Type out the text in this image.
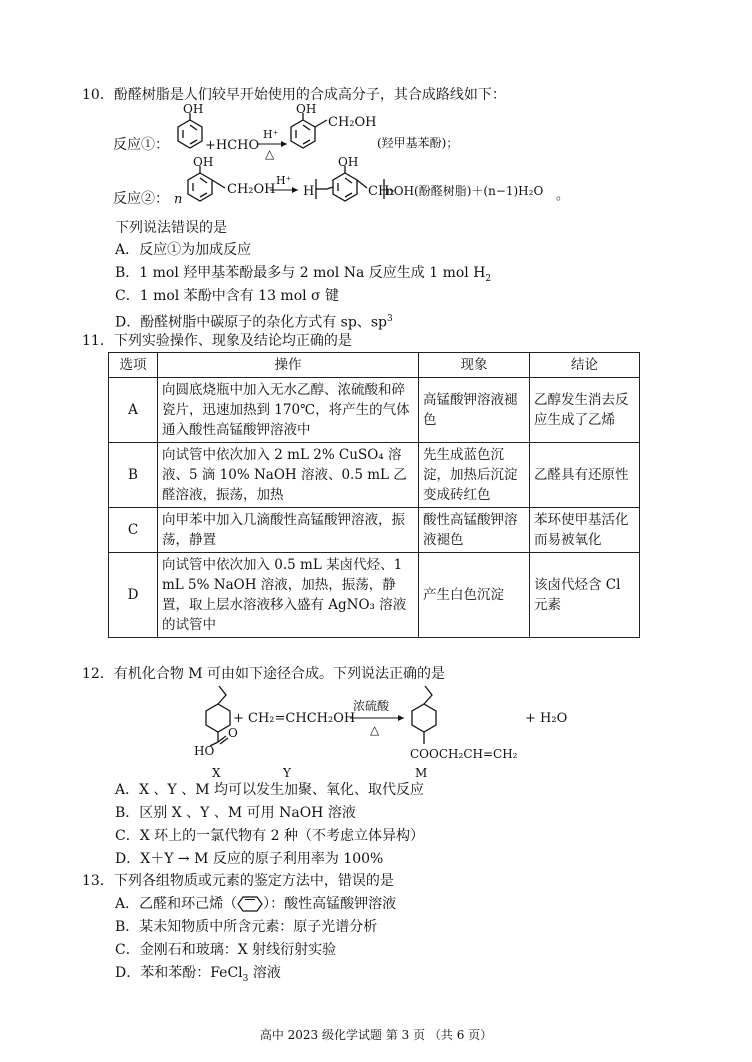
10．酚醛树脂是人们较早开始使用的合成高分子，其合成路线如下：
反应①：
OH
+HCHO
H⁺
△
OH
CH₂OH
(羟甲基苯酚)；
反应②： n
OH
CH₂OH
H⁺
H
OH
CH₂
nOH(酚醛树脂)＋(n−1)H₂O 。
下列说法错误的是
A．反应①为加成反应
B．1 mol 羟甲基苯酚最多与 2 mol Na 反应生成 1 mol $H_2$
C．1 mol 苯酚中含有 13 mol σ 键
D．酚醛树脂中碳原子的杂化方式有 sp、$sp^3$
11．下列实验操作、现象及结论均正确的是
选项	操作	现象	结论
A	向圆底烧瓶中加入无水乙醇、浓硫酸和碎瓷片，迅速加热到 170℃，将产生的气体通入酸性高锰酸钾溶液中	高锰酸钾溶液褪色	乙醇发生消去反应生成了乙烯
B	向试管中依次加入 2 mL 2% CuSO₄ 溶液、5 滴 10% NaOH 溶液、0.5 mL 乙醛溶液，振荡，加热	先生成蓝色沉淀，加热后沉淀变成砖红色	乙醛具有还原性
C	向甲苯中加入几滴酸性高锰酸钾溶液，振荡，静置	酸性高锰酸钾溶液褪色	苯环使甲基活化而易被氧化
D	向试管中依次加入 0.5 mL 某卤代烃、1 mL 5% NaOH 溶液，加热，振荡，静置，取上层水溶液移入盛有 AgNO₃ 溶液的试管中	产生白色沉淀	该卤代烃含 Cl 元素
12．有机化合物 M 可由如下途径合成。下列说法正确的是
HO
O
+ CH₂=CHCH₂OH
浓硫酸
△
COOCH₂CH=CH₂
+ H₂O
X	Y	M
A．X 、Y 、M 均可以发生加聚、氧化、取代反应
B．区别 X 、Y 、M 可用 NaOH 溶液
C．X 环上的一氯代物有 2 种（不考虑立体异构）
D．X＋Y → M 反应的原子利用率为 100%
13．下列各组物质或元素的鉴定方法中，错误的是
A．乙醛和环己烯（ ）：酸性高锰酸钾溶液
B．某未知物质中所含元素：原子光谱分析
C．金刚石和玻璃：X 射线衍射实验
D．苯和苯酚：FeCl$_3$ 溶液
高中 2023 级化学试题 第 3 页 （共 6 页）
